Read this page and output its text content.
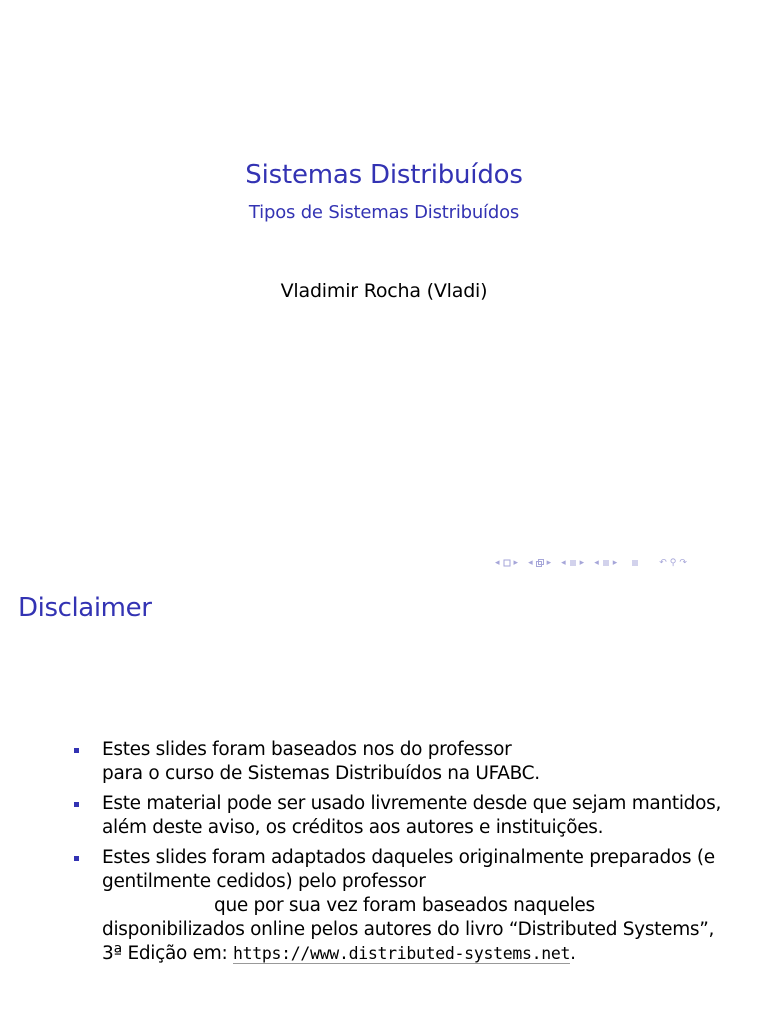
Sistemas Distribuídos
Tipos de Sistemas Distribuídos
Vladimir Rocha (Vladi)
◂ ▸ ◂ ▸ ◂ ▸ ◂ ▸	↶ ⚲ ↷
Disclaimer
Estes slides foram baseados nos do professor
para o curso de Sistemas Distribuídos na UFABC.
Este material pode ser usado livremente desde que sejam mantidos,
além deste aviso, os créditos aos autores e instituições.
Estes slides foram adaptados daqueles originalmente preparados (e
gentilmente cedidos) pelo professor
que por sua vez foram baseados naqueles
disponibilizados online pelos autores do livro “Distributed Systems”,
3ª Edição em: https://www.distributed-systems.net.
